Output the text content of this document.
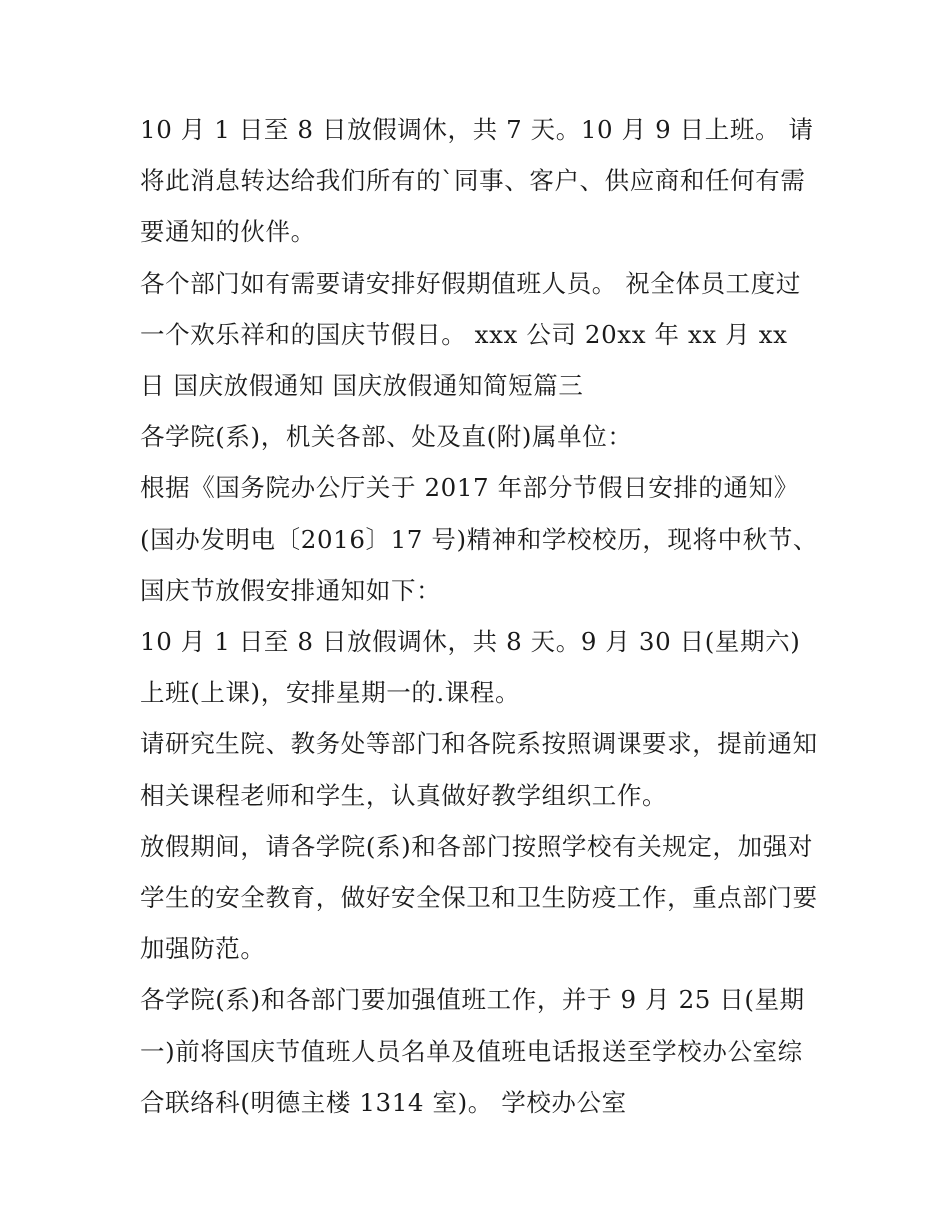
10 月 1 日至 8 日放假调休，共 7 天。10 月 9 日上班。 请将此消息转达给我们所有的`同事、客户、供应商和任何有需要通知的伙伴。

各个部门如有需要请安排好假期值班人员。 祝全体员工度过一个欢乐祥和的国庆节假日。 xxx 公司 20xx 年 xx 月 xx 日 国庆放假通知 国庆放假通知简短篇三

各学院(系)，机关各部、处及直(附)属单位：

根据《国务院办公厅关于 2017 年部分节假日安排的通知》(国办发明电〔2016〕17 号)精神和学校校历，现将中秋节、国庆节放假安排通知如下：

10 月 1 日至 8 日放假调休，共 8 天。9 月 30 日(星期六)上班(上课)，安排星期一的.课程。

请研究生院、教务处等部门和各院系按照调课要求，提前通知相关课程老师和学生，认真做好教学组织工作。

放假期间，请各学院(系)和各部门按照学校有关规定，加强对学生的安全教育，做好安全保卫和卫生防疫工作，重点部门要加强防范。

各学院(系)和各部门要加强值班工作，并于 9 月 25 日(星期一)前将国庆节值班人员名单及值班电话报送至学校办公室综合联络科(明德主楼 1314 室)。 学校办公室
